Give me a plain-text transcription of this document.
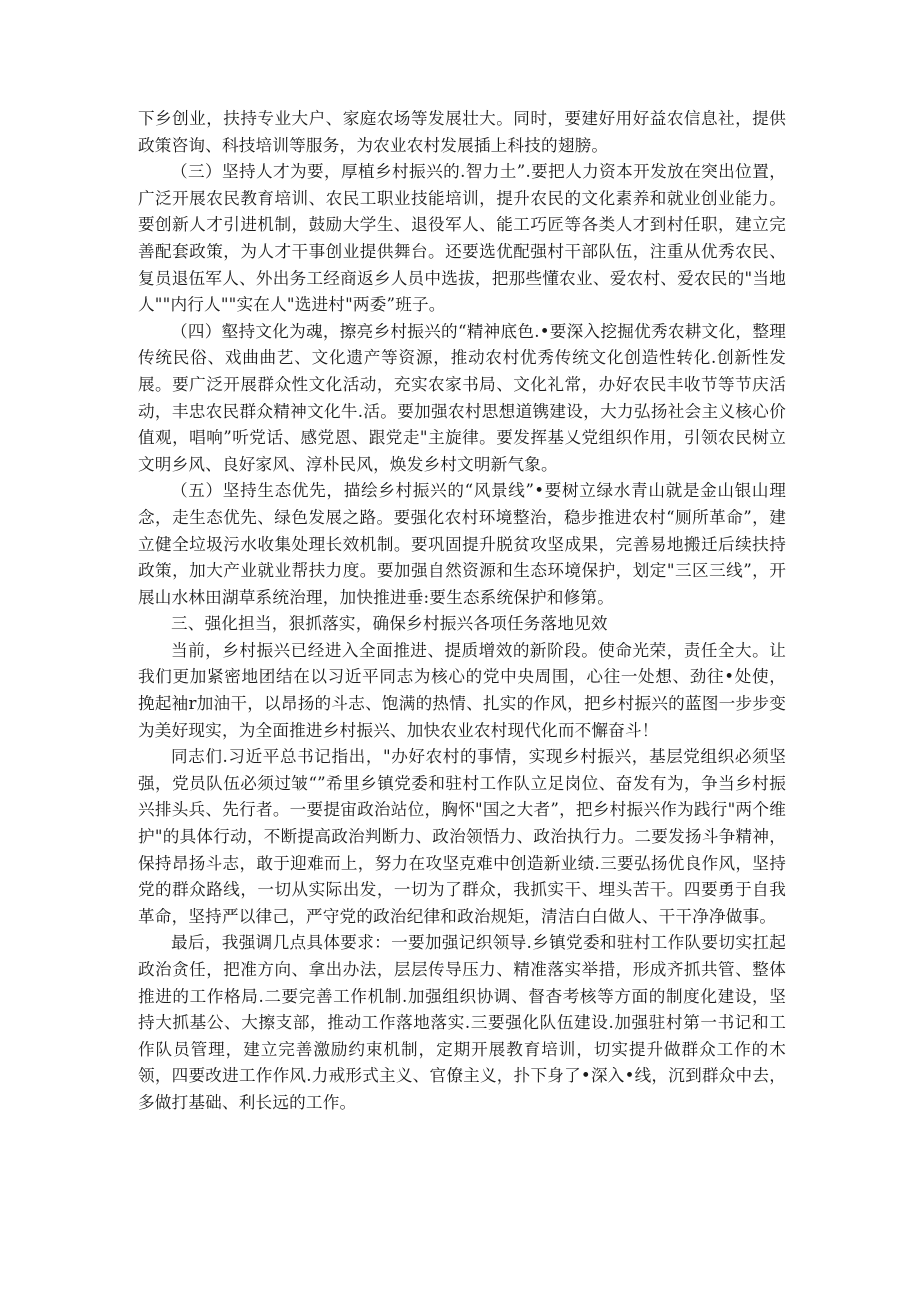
下乡创业，扶持专业大户、家庭农场等发展壮大。同时，要建好用好益农信息社，提供政策咨询、科技培训等服务，为农业农村发展插上科技的翅膀。

（三）坚持人才为要，厚植乡村振兴的.智力土”.要把人力资本开发放在突出位置，广泛开展农民教育培训、农民工职业技能培训，提升农民的文化素养和就业创业能力。要创新人才引进机制，鼓励大学生、退役军人、能工巧匠等各类人才到村任职，建立完善配套政策，为人才干事创业提供舞台。还要选优配强村干部队伍，注重从优秀农民、复员退伍军人、外出务工经商返乡人员中选拔，把那些懂农业、爱农村、爱农民的"当地人""内行人""实在人"选进村"两委”班子。

（四）壑持文化为魂，擦亮乡村振兴的“精神底色.•要深入挖掘优秀农耕文化，整理传统民俗、戏曲曲艺、文化遗产等资源，推动农村优秀传统文化创造性转化.创新性发展。要广泛开展群众性文化活动，充实农家书局、文化礼常，办好农民丰收节等节庆活动，丰忠农民群众精神文化牛.活。要加强农村思想道镌建设，大力弘扬社会主义核心价值观，唱响”听党话、感党恩、跟党走"主旋律。要发挥基乂党组织作用，引领农民树立文明乡风、良好家风、淳朴民风，焕发乡村文明新气象。

（五）坚持生态优先，描绘乡村振兴的“风景线”•要树立绿水青山就是金山银山理念，走生态优先、绿色发展之路。要强化农村环境整治，稳步推进农村“厕所革命”，建立健全垃圾污水收集处理长效机制。要巩固提升脱贫攻坚成果，完善易地搬迁后续扶持政策，加大产业就业帮扶力度。要加强自然资源和生态环境保护，划定"三区三线”，开展山水林田湖草系统治理，加快推进垂:要生态系统保护和修第。

三、强化担当，狠抓落实，确保乡村振兴各项任务落地见效

当前，乡村振兴已经进入全面推进、提质增效的新阶段。使命光荣，责任全大。让我们更加紧密地团结在以习近平同志为核心的党中央周围，心往一处想、劲往•处使，挽起袖r加油干，以昂扬的斗志、饱满的热情、扎实的作风，把乡村振兴的蓝图一步步变为美好现实，为全面推进乡村振兴、加快农业农村现代化而不懈奋斗！

同志们.习近平总书记指出，"办好农村的事情，实现乡村振兴，基层党组织必须坚强，党员队伍必须过皱“”希里乡镇党委和驻村工作队立足岗位、奋发有为，争当乡村振兴排头兵、先行者。一要提宙政治站位，胸怀"国之大者”，把乡村振兴作为践行"两个维护"的具体行动，不断提高政治判断力、政治领悟力、政治执行力。二要发扬斗争精神，保持昂扬斗志，敢于迎难而上，努力在攻坚克难中创造新业绩.三要弘扬优良作风，坚持党的群众路线，一切从实际出发，一切为了群众，我抓实干、埋头苦干。四要勇于自我革命，坚持严以律己，严守党的政治纪律和政治规矩，清洁白白做人、干干净净做事。

最后，我强调几点具体要求：一要加强记织领导.乡镇党委和驻村工作队要切实扛起政治贪任，把准方向、拿出办法，层层传导压力、精准落实举措，形成齐抓共管、整体推进的工作格局.二要完善工作机制.加强组织协调、督杳考核等方面的制度化建设，坚持大抓基公、大擦支部，推动工作落地落实.三要强化队伍建设.加强驻村第一书记和工作队员管理，建立完善激励约束机制，定期开展教育培训，切实提升做群众工作的木领，四要改进工作作风.力戒形式主义、官僚主义，扑下身了•深入•线，沉到群众中去，多做打基础、利长远的工作。
